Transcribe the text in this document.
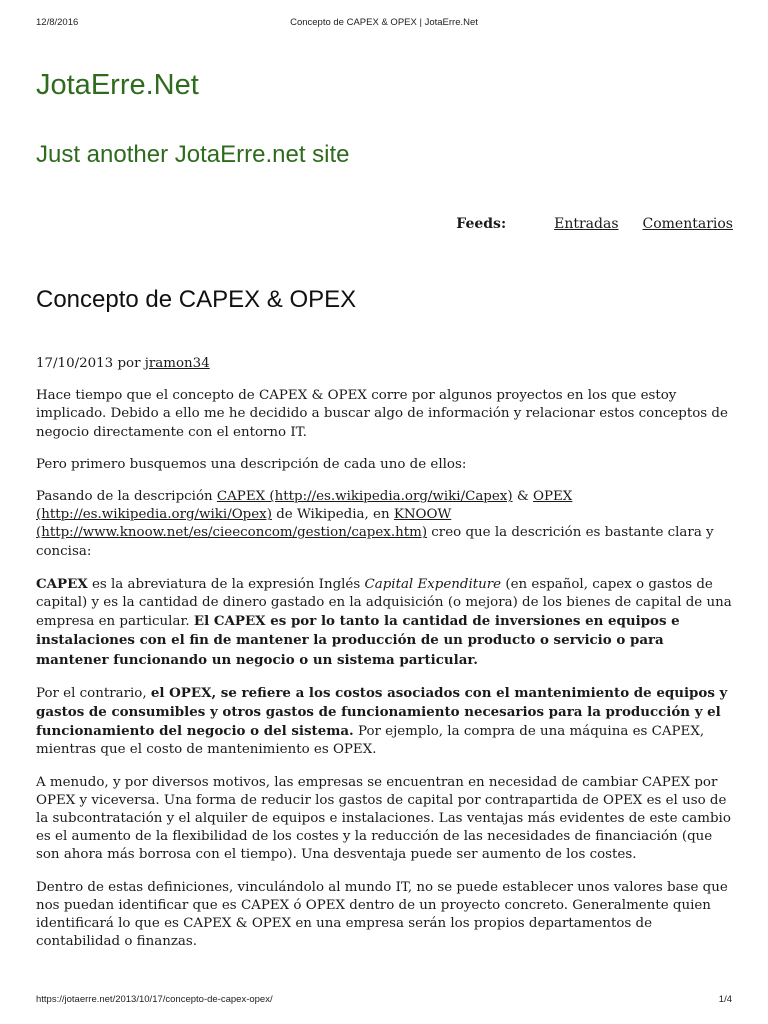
12/8/2016	Concepto de CAPEX & OPEX | JotaErre.Net
JotaErre.Net
Just another JotaErre.net site
Feeds:	Entradas Comentarios
Concepto de CAPEX & OPEX

17/10/2013 por jramon34

Hace tiempo que el concepto de CAPEX & OPEX corre por algunos proyectos en los que estoy implicado. Debido a ello me he decidido a buscar algo de información y relacionar estos conceptos de negocio directamente con el entorno IT.

Pero primero busquemos una descripción de cada uno de ellos:

Pasando de la descripción CAPEX (http://es.wikipedia.org/wiki/Capex) & OPEX (http://es.wikipedia.org/wiki/Opex) de Wikipedia, en KNOOW (http://www.knoow.net/es/cieeconcom/gestion/capex.htm) creo que la descrición es bastante clara y concisa:

CAPEX es la abreviatura de la expresión Inglés Capital Expenditure (en español, capex o gastos de capital) y es la cantidad de dinero gastado en la adquisición (o mejora) de los bienes de capital de una empresa en particular. El CAPEX es por lo tanto la cantidad de inversiones en equipos e instalaciones con el fin de mantener la producción de un producto o servicio o para mantener funcionando un negocio o un sistema particular.

Por el contrario, el OPEX, se refiere a los costos asociados con el mantenimiento de equipos y gastos de consumibles y otros gastos de funcionamiento necesarios para la producción y el funcionamiento del negocio o del sistema. Por ejemplo, la compra de una máquina es CAPEX, mientras que el costo de mantenimiento es OPEX.

A menudo, y por diversos motivos, las empresas se encuentran en necesidad de cambiar CAPEX por OPEX y viceversa. Una forma de reducir los gastos de capital por contrapartida de OPEX es el uso de la subcontratación y el alquiler de equipos e instalaciones. Las ventajas más evidentes de este cambio es el aumento de la flexibilidad de los costes y la reducción de las necesidades de financiación (que son ahora más borrosa con el tiempo). Una desventaja puede ser aumento de los costes.

Dentro de estas definiciones, vinculándolo al mundo IT, no se puede establecer unos valores base que nos puedan identificar que es CAPEX ó OPEX dentro de un proyecto concreto. Generalmente quien identificará lo que es CAPEX & OPEX en una empresa serán los propios departamentos de contabilidad o finanzas.

https://jotaerre.net/2013/10/17/concepto-de-capex-opex/	1/4
